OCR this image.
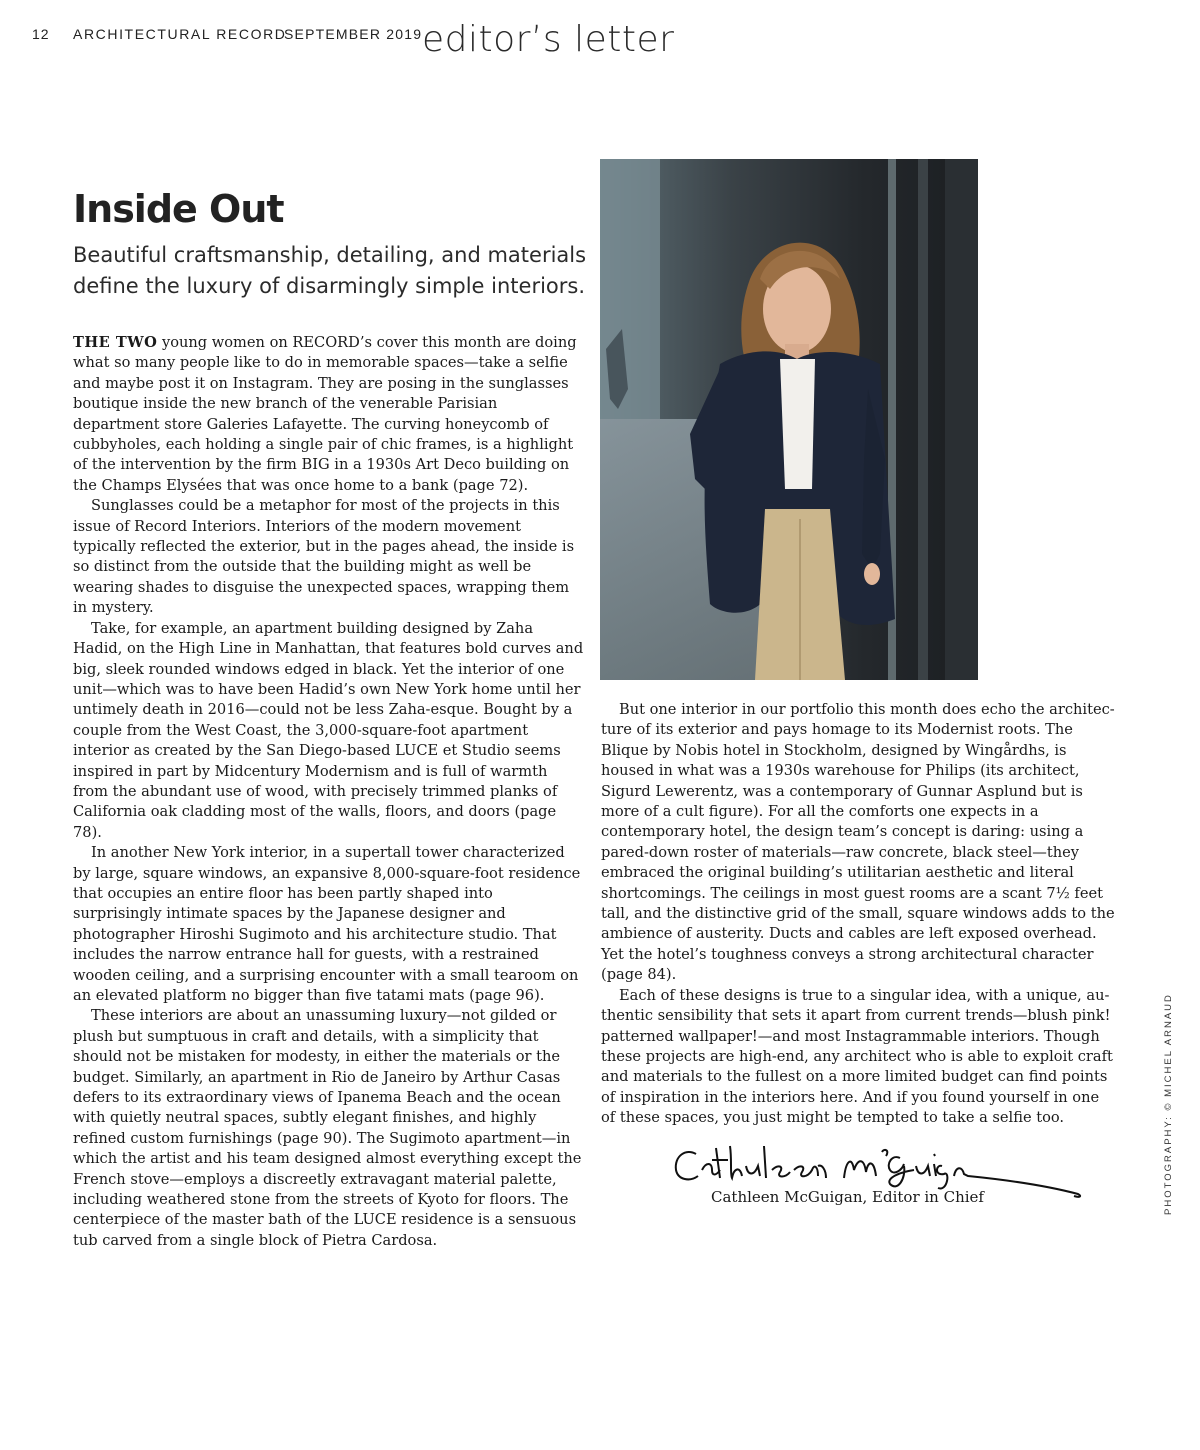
12 ARCHITECTURAL RECORD
SEPTEMBER 2019 editor’s letter
Inside Out

Beautiful craftsmanship, detailing, and materials define the luxury of disarmingly simple interiors.

THE TWO young women on RECORD’s cover this month are doing what so many people like to do in memorable spaces—take a selfie and maybe post it on Instagram. They are posing in the sunglasses boutique inside the new branch of the venerable Parisian department store Galeries Lafayette. The curving honeycomb of cubbyholes, each holding a single pair of chic frames, is a highlight of the intervention by the firm BIG in a 1930s Art Deco building on the Champs Elysées that was once home to a bank (page 72).

Sunglasses could be a metaphor for most of the projects in this issue of Record Interiors. Interiors of the modern movement typically reflected the exterior, but in the pages ahead, the inside is so distinct from the outside that the building might as well be wearing shades to disguise the unexpected spaces, wrapping them in mystery.

Take, for example, an apartment building designed by Zaha Hadid, on the High Line in Manhattan, that features bold curves and big, sleek rounded windows edged in black. Yet the interior of one unit—which was to have been Hadid’s own New York home until her untimely death in 2016—could not be less Zaha-esque. Bought by a couple from the West Coast, the 3,000-square-foot apartment interior as created by the San Diego-based LUCE et Studio seems inspired in part by Midcentury Modernism and is full of warmth from the abundant use of wood, with precisely trimmed planks of California oak cladding most of the walls, floors, and doors (page 78).

In another New York interior, in a supertall tower characterized by large, square windows, an expansive 8,000-square-foot residence that occupies an entire floor has been partly shaped into surprisingly intimate spaces by the Japanese designer and photographer Hiroshi Sugimoto and his architecture studio. That includes the narrow entrance hall for guests, with a restrained wooden ceiling, and a surprising encounter with a small tearoom on an elevated platform no bigger than five tatami mats (page 96).

These interiors are about an unassuming luxury—not gilded or plush but sumptuous in craft and details, with a simplicity that should not be mistaken for modesty, in either the materials or the budget. Similarly, an apartment in Rio de Janeiro by Arthur Casas defers to its extraordinary views of Ipanema Beach and the ocean with quietly neutral spaces, subtly elegant finishes, and highly refined custom furnishings (page 90). The Sugimoto apartment—in which the artist and his team designed almost everything except the French stove—employs a discreetly extravagant material palette, including weathered stone from the streets of Kyoto for floors. The centerpiece of the master bath of the LUCE residence is a sensuous tub carved from a single block of Pietra Cardosa.

But one interior in our portfolio this month does echo the architecture of its exterior and pays homage to its Modernist roots. The Blique by Nobis hotel in Stockholm, designed by Wingårdhs, is housed in what was a 1930s warehouse for Philips (its architect, Sigurd Lewerentz, was a contemporary of Gunnar Asplund but is more of a cult figure). For all the comforts one expects in a contemporary hotel, the design team’s concept is daring: using a pared-down roster of materials—raw concrete, black steel—they embraced the original building’s utilitarian aesthetic and literal shortcomings. The ceilings in most guest rooms are a scant 7½ feet tall, and the distinctive grid of the small, square windows adds to the ambience of austerity. Ducts and cables are left exposed overhead. Yet the hotel’s toughness conveys a strong architectural character (page 84).

Each of these designs is true to a singular idea, with a unique, authentic sensibility that sets it apart from current trends—blush pink! patterned wallpaper!—and most Instagrammable interiors. Though these projects are high-end, any architect who is able to exploit craft and materials to the fullest on a more limited budget can find points of inspiration in the interiors here. And if you found yourself in one of these spaces, you just might be tempted to take a selfie too.

Cathleen McGuigan, Editor in Chief	PHOTOGRAPHY: © MICHEL ARNAUD
